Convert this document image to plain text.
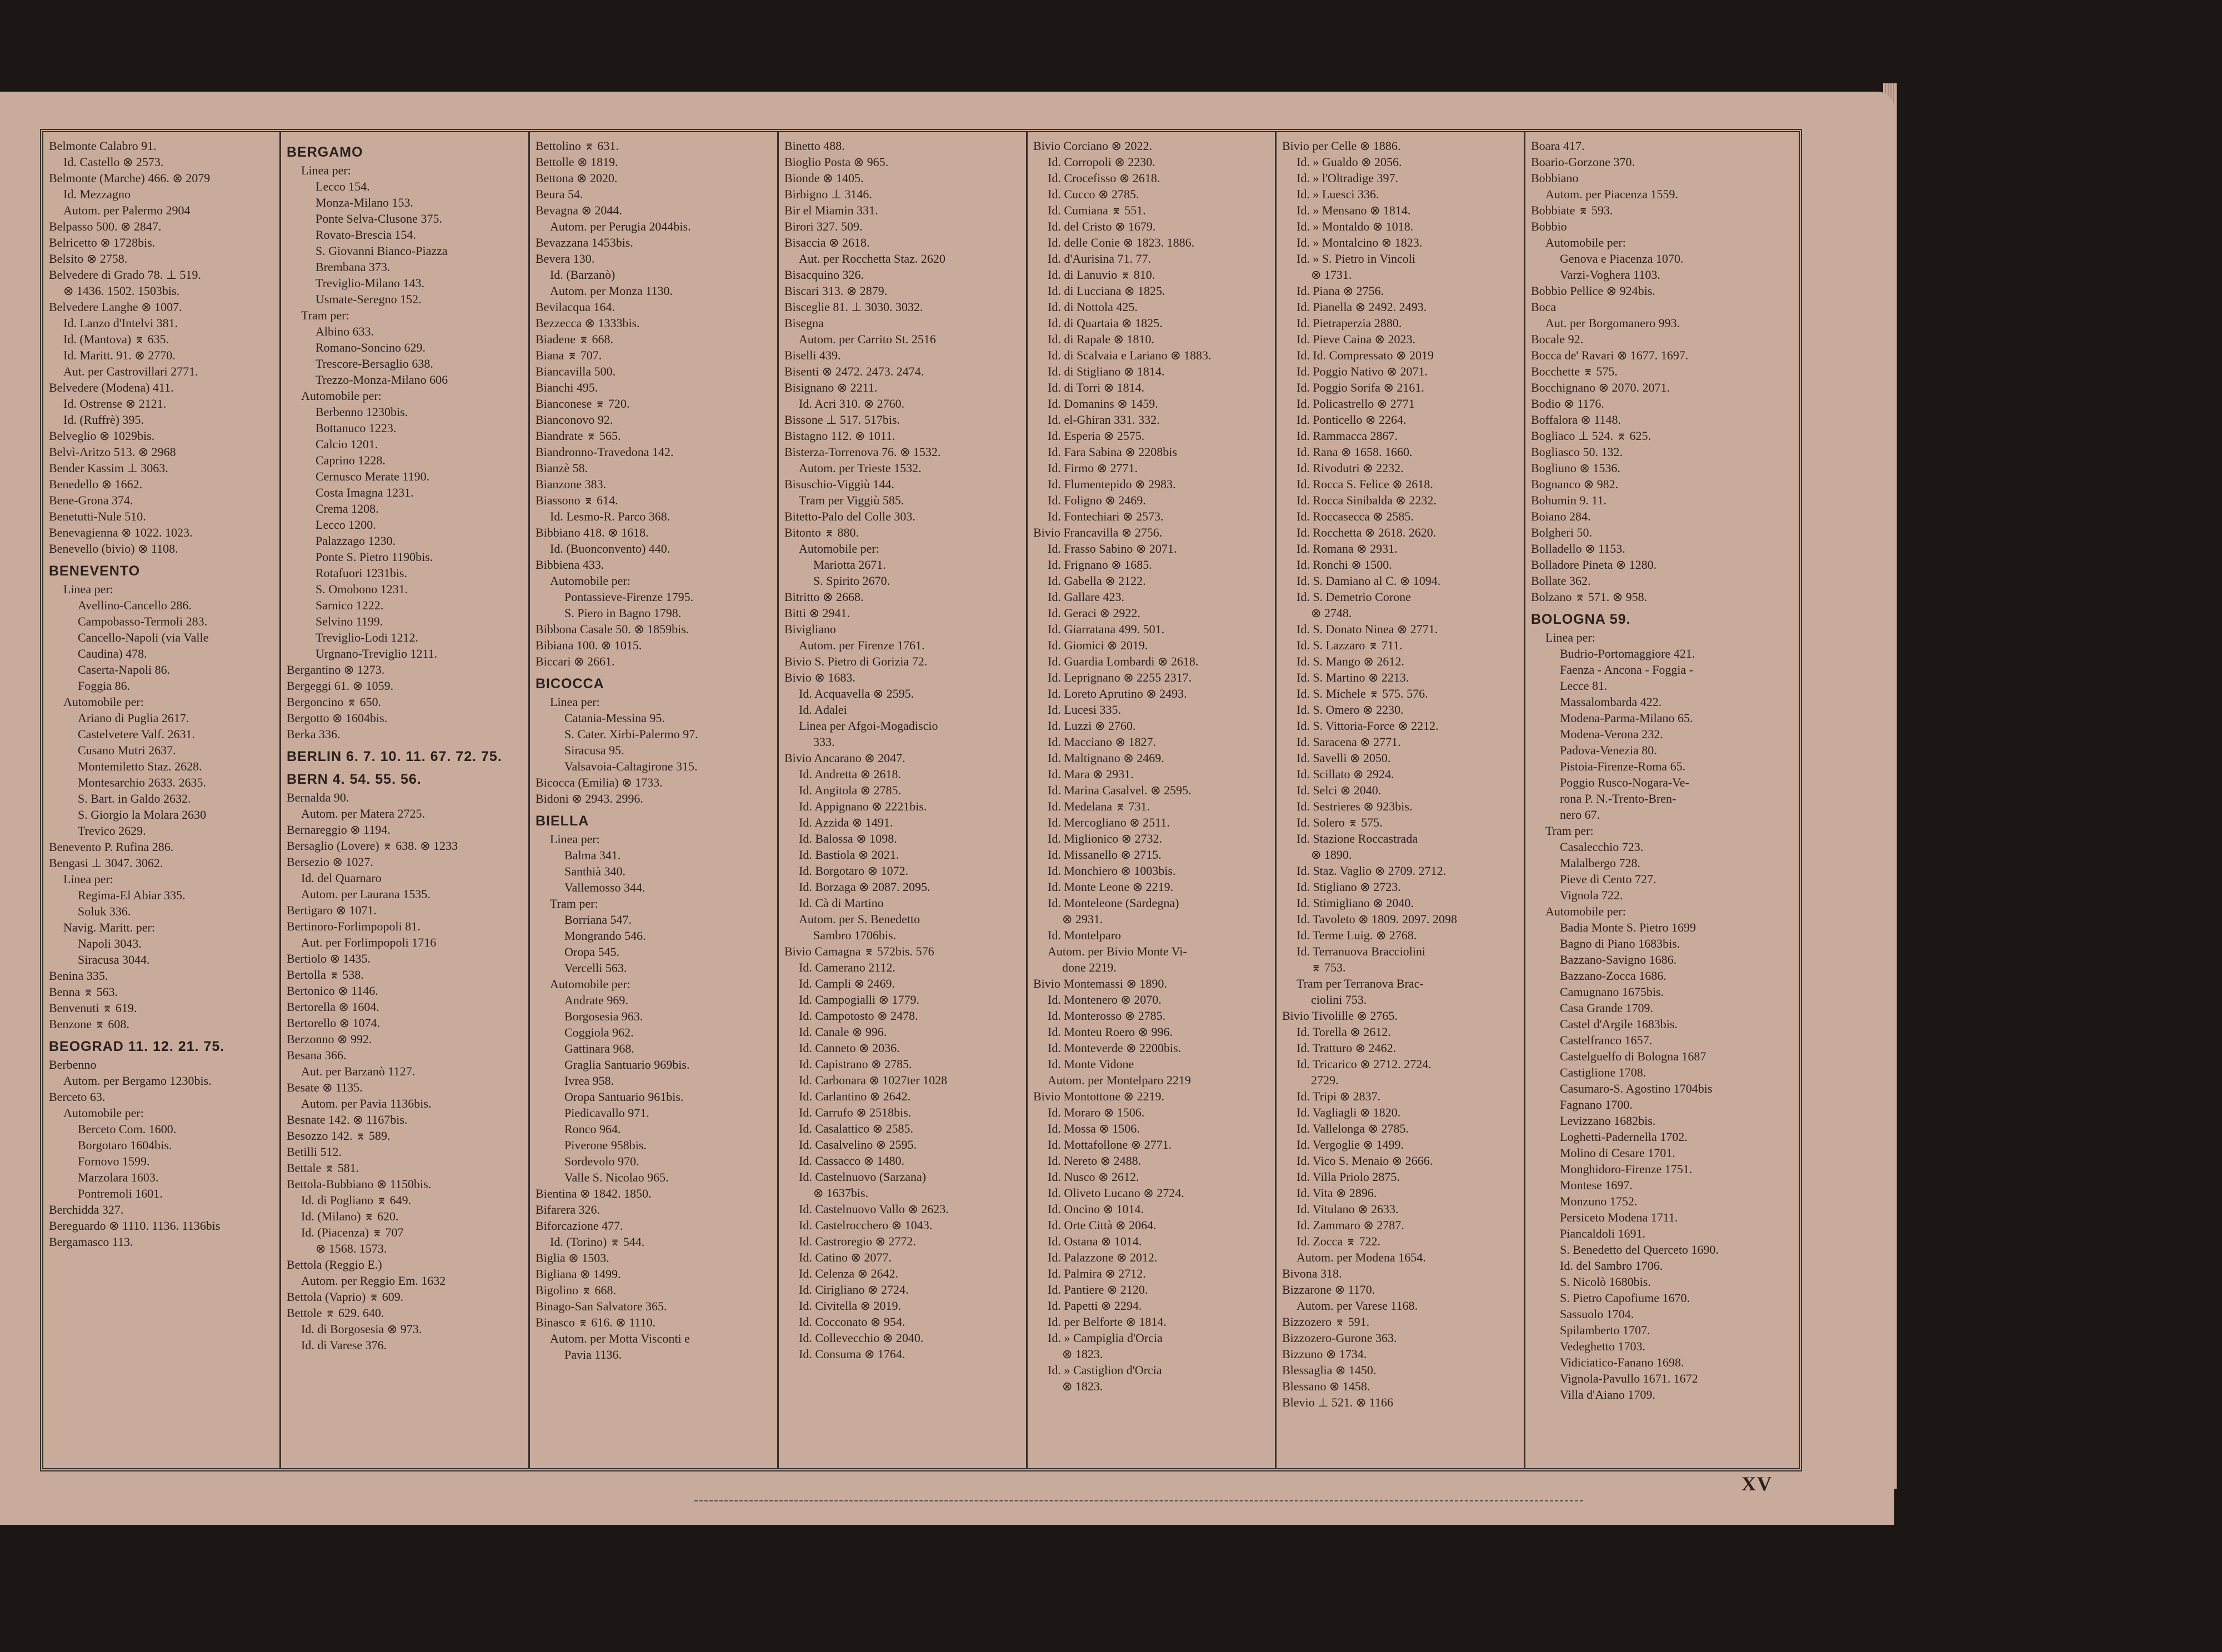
Belmonte Calabro 91.
Id. Castello ⊗ 2573.
Belmonte (Marche) 466. ⊗ 2079
Id. Mezzagno
Autom. per Palermo 2904
Belpasso 500. ⊗ 2847.
Belricetto ⊗ 1728bis.
Belsito ⊗ 2758.
Belvedere di Grado 78. ⊥ 519.
⊗ 1436. 1502. 1503bis.
Belvedere Langhe ⊗ 1007.
Id. Lanzo d'Intelvi 381.
Id. (Mantova) ⌆ 635.
Id. Maritt. 91. ⊗ 2770.
Aut. per Castrovillari 2771.
Belvedere (Modena) 411.
Id. Ostrense ⊗ 2121.
Id. (Ruffrè) 395.
Belveglio ⊗ 1029bis.
Belvì-Aritzo 513. ⊗ 2968
Bender Kassim ⊥ 3063.
Benedello ⊗ 1662.
Bene-Grona 374.
Benetutti-Nule 510.
Benevagienna ⊗ 1022. 1023.
Benevello (bivio) ⊗ 1108.
BENEVENTO
Linea per:
Avellino-Cancello 286.
Campobasso-Termoli 283.
Cancello-Napoli (via Valle
Caudina) 478.
Caserta-Napoli 86.
Foggia 86.
Automobile per:
Ariano di Puglia 2617.
Castelvetere Valf. 2631.
Cusano Mutri 2637.
Montemiletto Staz. 2628.
Montesarchio 2633. 2635.
S. Bart. in Galdo 2632.
S. Giorgio la Molara 2630
Trevico 2629.
Benevento P. Rufina 286.
Bengasi ⊥ 3047. 3062.
Linea per:
Regima-El Abiar 335.
Soluk 336.
Navig. Maritt. per:
Napoli 3043.
Siracusa 3044.
Benina 335.
Benna ⌆ 563.
Benvenuti ⌆ 619.
Benzone ⌆ 608.
BEOGRAD 11. 12. 21. 75.
Berbenno
Autom. per Bergamo 1230bis.
Berceto 63.
Automobile per:
Berceto Com. 1600.
Borgotaro 1604bis.
Fornovo 1599.
Marzolara 1603.
Pontremoli 1601.
Berchidda 327.
Bereguardo ⊗ 1110. 1136. 1136bis
Bergamasco 113.
BERGAMO
Linea per:
Lecco 154.
Monza-Milano 153.
Ponte Selva-Clusone 375.
Rovato-Brescia 154.
S. Giovanni Bianco-Piazza
Brembana 373.
Treviglio-Milano 143.
Usmate-Seregno 152.
Tram per:
Albino 633.
Romano-Soncino 629.
Trescore-Bersaglio 638.
Trezzo-Monza-Milano 606
Automobile per:
Berbenno 1230bis.
Bottanuco 1223.
Calcio 1201.
Caprino 1228.
Cernusco Merate 1190.
Costa Imagna 1231.
Crema 1208.
Lecco 1200.
Palazzago 1230.
Ponte S. Pietro 1190bis.
Rotafuori 1231bis.
S. Omobono 1231.
Sarnico 1222.
Selvino 1199.
Treviglio-Lodi 1212.
Urgnano-Treviglio 1211.
Bergantino ⊗ 1273.
Bergeggi 61. ⊗ 1059.
Bergoncino ⌆ 650.
Bergotto ⊗ 1604bis.
Berka 336.
BERLIN 6. 7. 10. 11. 67. 72. 75.
BERN 4. 54. 55. 56.
Bernalda 90.
Autom. per Matera 2725.
Bernareggio ⊗ 1194.
Bersaglio (Lovere) ⌆ 638. ⊗ 1233
Bersezio ⊗ 1027.
Id. del Quarnaro
Autom. per Laurana 1535.
Bertigaro ⊗ 1071.
Bertinoro-Forlimpopoli 81.
Aut. per Forlimpopoli 1716
Bertiolo ⊗ 1435.
Bertolla ⌆ 538.
Bertonico ⊗ 1146.
Bertorella ⊗ 1604.
Bertorello ⊗ 1074.
Berzonno ⊗ 992.
Besana 366.
Aut. per Barzanò 1127.
Besate ⊗ 1135.
Autom. per Pavia 1136bis.
Besnate 142. ⊗ 1167bis.
Besozzo 142. ⌆ 589.
Betilli 512.
Bettale ⌆ 581.
Bettola-Bubbiano ⊗ 1150bis.
Id. di Pogliano ⌆ 649.
Id. (Milano) ⌆ 620.
Id. (Piacenza) ⌆ 707
⊗ 1568. 1573.
Bettola (Reggio E.)
Autom. per Reggio Em. 1632
Bettola (Vaprio) ⌆ 609.
Bettole ⌆ 629. 640.
Id. di Borgosesia ⊗ 973.
Id. di Varese 376.
Bettolino ⌆ 631.
Bettolle ⊗ 1819.
Bettona ⊗ 2020.
Beura 54.
Bevagna ⊗ 2044.
Autom. per Perugia 2044bis.
Bevazzana 1453bis.
Bevera 130.
Id. (Barzanò)
Autom. per Monza 1130.
Bevilacqua 164.
Bezzecca ⊗ 1333bis.
Biadene ⌆ 668.
Biana ⌆ 707.
Biancavilla 500.
Bianchi 495.
Bianconese ⌆ 720.
Bianconovo 92.
Biandrate ⌆ 565.
Biandronno-Travedona 142.
Bianzè 58.
Bianzone 383.
Biassono ⌆ 614.
Id. Lesmo-R. Parco 368.
Bibbiano 418. ⊗ 1618.
Id. (Buonconvento) 440.
Bibbiena 433.
Automobile per:
Pontassieve-Firenze 1795.
S. Piero in Bagno 1798.
Bibbona Casale 50. ⊗ 1859bis.
Bibiana 100. ⊗ 1015.
Biccari ⊗ 2661.
BICOCCA
Linea per:
Catania-Messina 95.
S. Cater. Xirbi-Palermo 97.
Siracusa 95.
Valsavoia-Caltagirone 315.
Bicocca (Emilia) ⊗ 1733.
Bidoni ⊗ 2943. 2996.
BIELLA
Linea per:
Balma 341.
Santhià 340.
Vallemosso 344.
Tram per:
Borriana 547.
Mongrando 546.
Oropa 545.
Vercelli 563.
Automobile per:
Andrate 969.
Borgosesia 963.
Coggiola 962.
Gattinara 968.
Graglia Santuario 969bis.
Ivrea 958.
Oropa Santuario 961bis.
Piedicavallo 971.
Ronco 964.
Piverone 958bis.
Sordevolo 970.
Valle S. Nicolao 965.
Bientina ⊗ 1842. 1850.
Bifarera 326.
Biforcazione 477.
Id. (Torino) ⌆ 544.
Biglia ⊗ 1503.
Bigliana ⊗ 1499.
Bigolino ⌆ 668.
Binago-San Salvatore 365.
Binasco ⌆ 616. ⊗ 1110.
Autom. per Motta Visconti e
Pavia 1136.
Binetto 488.
Bioglio Posta ⊗ 965.
Bionde ⊗ 1405.
Birbigno ⊥ 3146.
Bir el Miamin 331.
Birori 327. 509.
Bisaccia ⊗ 2618.
Aut. per Rocchetta Staz. 2620
Bisacquino 326.
Biscari 313. ⊗ 2879.
Bisceglie 81. ⊥ 3030. 3032.
Bisegna
Autom. per Carrito St. 2516
Biselli 439.
Bisenti ⊗ 2472. 2473. 2474.
Bisignano ⊗ 2211.
Id. Acri 310. ⊗ 2760.
Bissone ⊥ 517. 517bis.
Bistagno 112. ⊗ 1011.
Bisterza-Torrenova 76. ⊗ 1532.
Autom. per Trieste 1532.
Bisuschio-Viggiù 144.
Tram per Viggiù 585.
Bitetto-Palo del Colle 303.
Bitonto ⌆ 880.
Automobile per:
Mariotta 2671.
S. Spirito 2670.
Bitritto ⊗ 2668.
Bitti ⊗ 2941.
Bivigliano
Autom. per Firenze 1761.
Bivio S. Pietro di Gorizia 72.
Bivio ⊗ 1683.
Id. Acquavella ⊗ 2595.
Id. Adalei
Linea per Afgoi-Mogadiscio
333.
Bivio Ancarano ⊗ 2047.
Id. Andretta ⊗ 2618.
Id. Angitola ⊗ 2785.
Id. Appignano ⊗ 2221bis.
Id. Azzida ⊗ 1491.
Id. Balossa ⊗ 1098.
Id. Bastiola ⊗ 2021.
Id. Borgotaro ⊗ 1072.
Id. Borzaga ⊗ 2087. 2095.
Id. Cà di Martino
Autom. per S. Benedetto
Sambro 1706bis.
Bivio Camagna ⌆ 572bis. 576
Id. Camerano 2112.
Id. Campli ⊗ 2469.
Id. Campogialli ⊗ 1779.
Id. Campotosto ⊗ 2478.
Id. Canale ⊗ 996.
Id. Canneto ⊗ 2036.
Id. Capistrano ⊗ 2785.
Id. Carbonara ⊗ 1027ter 1028
Id. Carlantino ⊗ 2642.
Id. Carrufo ⊗ 2518bis.
Id. Casalattico ⊗ 2585.
Id. Casalvelino ⊗ 2595.
Id. Cassacco ⊗ 1480.
Id. Castelnuovo (Sarzana)
⊗ 1637bis.
Id. Castelnuovo Vallo ⊗ 2623.
Id. Castelrocchero ⊗ 1043.
Id. Castroregio ⊗ 2772.
Id. Catino ⊗ 2077.
Id. Celenza ⊗ 2642.
Id. Cirigliano ⊗ 2724.
Id. Civitella ⊗ 2019.
Id. Cocconato ⊗ 954.
Id. Collevecchio ⊗ 2040.
Id. Consuma ⊗ 1764.
Bivio Corciano ⊗ 2022.
Id. Corropoli ⊗ 2230.
Id. Crocefisso ⊗ 2618.
Id. Cucco ⊗ 2785.
Id. Cumiana ⌆ 551.
Id. del Cristo ⊗ 1679.
Id. delle Conie ⊗ 1823. 1886.
Id. d'Aurisina 71. 77.
Id. di Lanuvio ⌆ 810.
Id. di Lucciana ⊗ 1825.
Id. di Nottola 425.
Id. di Quartaia ⊗ 1825.
Id. di Rapale ⊗ 1810.
Id. di Scalvaia e Lariano ⊗ 1883.
Id. di Stigliano ⊗ 1814.
Id. di Torri ⊗ 1814.
Id. Domanins ⊗ 1459.
Id. el-Ghiran 331. 332.
Id. Esperia ⊗ 2575.
Id. Fara Sabina ⊗ 2208bis
Id. Firmo ⊗ 2771.
Id. Flumentepido ⊗ 2983.
Id. Foligno ⊗ 2469.
Id. Fontechiari ⊗ 2573.
Bivio Francavilla ⊗ 2756.
Id. Frasso Sabino ⊗ 2071.
Id. Frignano ⊗ 1685.
Id. Gabella ⊗ 2122.
Id. Gallare 423.
Id. Geraci ⊗ 2922.
Id. Giarratana 499. 501.
Id. Giomici ⊗ 2019.
Id. Guardia Lombardi ⊗ 2618.
Id. Leprignano ⊗ 2255 2317.
Id. Loreto Aprutino ⊗ 2493.
Id. Lucesi 335.
Id. Luzzi ⊗ 2760.
Id. Macciano ⊗ 1827.
Id. Maltignano ⊗ 2469.
Id. Mara ⊗ 2931.
Id. Marina Casalvel. ⊗ 2595.
Id. Medelana ⌆ 731.
Id. Mercogliano ⊗ 2511.
Id. Miglionico ⊗ 2732.
Id. Missanello ⊗ 2715.
Id. Monchiero ⊗ 1003bis.
Id. Monte Leone ⊗ 2219.
Id. Monteleone (Sardegna)
⊗ 2931.
Id. Montelparo
Autom. per Bivio Monte Vi-
done 2219.
Bivio Montemassi ⊗ 1890.
Id. Montenero ⊗ 2070.
Id. Monterosso ⊗ 2785.
Id. Monteu Roero ⊗ 996.
Id. Monteverde ⊗ 2200bis.
Id. Monte Vidone
Autom. per Montelparo 2219
Bivio Montottone ⊗ 2219.
Id. Moraro ⊗ 1506.
Id. Mossa ⊗ 1506.
Id. Mottafollone ⊗ 2771.
Id. Nereto ⊗ 2488.
Id. Nusco ⊗ 2612.
Id. Oliveto Lucano ⊗ 2724.
Id. Oncino ⊗ 1014.
Id. Orte Città ⊗ 2064.
Id. Ostana ⊗ 1014.
Id. Palazzone ⊗ 2012.
Id. Palmira ⊗ 2712.
Id. Pantiere ⊗ 2120.
Id. Papetti ⊗ 2294.
Id. per Belforte ⊗ 1814.
Id. » Campiglia d'Orcia
⊗ 1823.
Id. » Castiglion d'Orcia
⊗ 1823.
Bivio per Celle ⊗ 1886.
Id. » Gualdo ⊗ 2056.
Id. » l'Oltradige 397.
Id. » Luesci 336.
Id. » Mensano ⊗ 1814.
Id. » Montaldo ⊗ 1018.
Id. » Montalcino ⊗ 1823.
Id. » S. Pietro in Vincoli
⊗ 1731.
Id. Piana ⊗ 2756.
Id. Pianella ⊗ 2492. 2493.
Id. Pietraperzia 2880.
Id. Pieve Caina ⊗ 2023.
Id. Id. Compressato ⊗ 2019
Id. Poggio Nativo ⊗ 2071.
Id. Poggio Sorifa ⊗ 2161.
Id. Policastrello ⊗ 2771
Id. Ponticello ⊗ 2264.
Id. Rammacca 2867.
Id. Rana ⊗ 1658. 1660.
Id. Rivodutri ⊗ 2232.
Id. Rocca S. Felice ⊗ 2618.
Id. Rocca Sinibalda ⊗ 2232.
Id. Roccasecca ⊗ 2585.
Id. Rocchetta ⊗ 2618. 2620.
Id. Romana ⊗ 2931.
Id. Ronchi ⊗ 1500.
Id. S. Damiano al C. ⊗ 1094.
Id. S. Demetrio Corone
⊗ 2748.
Id. S. Donato Ninea ⊗ 2771.
Id. S. Lazzaro ⌆ 711.
Id. S. Mango ⊗ 2612.
Id. S. Martino ⊗ 2213.
Id. S. Michele ⌆ 575. 576.
Id. S. Omero ⊗ 2230.
Id. S. Vittoria-Force ⊗ 2212.
Id. Saracena ⊗ 2771.
Id. Savelli ⊗ 2050.
Id. Scillato ⊗ 2924.
Id. Selci ⊗ 2040.
Id. Sestrieres ⊗ 923bis.
Id. Solero ⌆ 575.
Id. Stazione Roccastrada
⊗ 1890.
Id. Staz. Vaglio ⊗ 2709. 2712.
Id. Stigliano ⊗ 2723.
Id. Stimigliano ⊗ 2040.
Id. Tavoleto ⊗ 1809. 2097. 2098
Id. Terme Luig. ⊗ 2768.
Id. Terranuova Bracciolini
⌆ 753.
Tram per Terranova Brac-
ciolini 753.
Bivio Tivolille ⊗ 2765.
Id. Torella ⊗ 2612.
Id. Tratturo ⊗ 2462.
Id. Tricarico ⊗ 2712. 2724.
2729.
Id. Tripi ⊗ 2837.
Id. Vagliagli ⊗ 1820.
Id. Vallelonga ⊗ 2785.
Id. Vergoglie ⊗ 1499.
Id. Vico S. Menaio ⊗ 2666.
Id. Villa Priolo 2875.
Id. Vita ⊗ 2896.
Id. Vitulano ⊗ 2633.
Id. Zammaro ⊗ 2787.
Id. Zocca ⌆ 722.
Autom. per Modena 1654.
Bivona 318.
Bizzarone ⊗ 1170.
Autom. per Varese 1168.
Bizzozero ⌆ 591.
Bizzozero-Gurone 363.
Bizzuno ⊗ 1734.
Blessaglia ⊗ 1450.
Blessano ⊗ 1458.
Blevio ⊥ 521. ⊗ 1166
Boara 417.
Boario-Gorzone 370.
Bobbiano
Autom. per Piacenza 1559.
Bobbiate ⌆ 593.
Bobbio
Automobile per:
Genova e Piacenza 1070.
Varzi-Voghera 1103.
Bobbio Pellice ⊗ 924bis.
Boca
Aut. per Borgomanero 993.
Bocale 92.
Bocca de' Ravari ⊗ 1677. 1697.
Bocchette ⌆ 575.
Bocchignano ⊗ 2070. 2071.
Bodio ⊗ 1176.
Boffalora ⊗ 1148.
Bogliaco ⊥ 524. ⌆ 625.
Bogliasco 50. 132.
Bogliuno ⊗ 1536.
Bognanco ⊗ 982.
Bohumin 9. 11.
Boiano 284.
Bolgheri 50.
Bolladello ⊗ 1153.
Bolladore Pineta ⊗ 1280.
Bollate 362.
Bolzano ⌆ 571. ⊗ 958.
BOLOGNA 59.
Linea per:
Budrio-Portomaggiore 421.
Faenza - Ancona - Foggia -
Lecce 81.
Massalombarda 422.
Modena-Parma-Milano 65.
Modena-Verona 232.
Padova-Venezia 80.
Pistoia-Firenze-Roma 65.
Poggio Rusco-Nogara-Ve-
rona P. N.-Trento-Bren-
nero 67.
Tram per:
Casalecchio 723.
Malalbergo 728.
Pieve di Cento 727.
Vignola 722.
Automobile per:
Badia Monte S. Pietro 1699
Bagno di Piano 1683bis.
Bazzano-Savigno 1686.
Bazzano-Zocca 1686.
Camugnano 1675bis.
Casa Grande 1709.
Castel d'Argile 1683bis.
Castelfranco 1657.
Castelguelfo di Bologna 1687
Castiglione 1708.
Casumaro-S. Agostino 1704bis
Fagnano 1700.
Levizzano 1682bis.
Loghetti-Padernella 1702.
Molino di Cesare 1701.
Monghidoro-Firenze 1751.
Montese 1697.
Monzuno 1752.
Persiceto Modena 1711.
Piancaldoli 1691.
S. Benedetto del Querceto 1690.
Id. del Sambro 1706.
S. Nicolò 1680bis.
S. Pietro Capofiume 1670.
Sassuolo 1704.
Spilamberto 1707.
Vedeghetto 1703.
Vidiciatico-Fanano 1698.
Vignola-Pavullo 1671. 1672
Villa d'Aiano 1709.
XV
